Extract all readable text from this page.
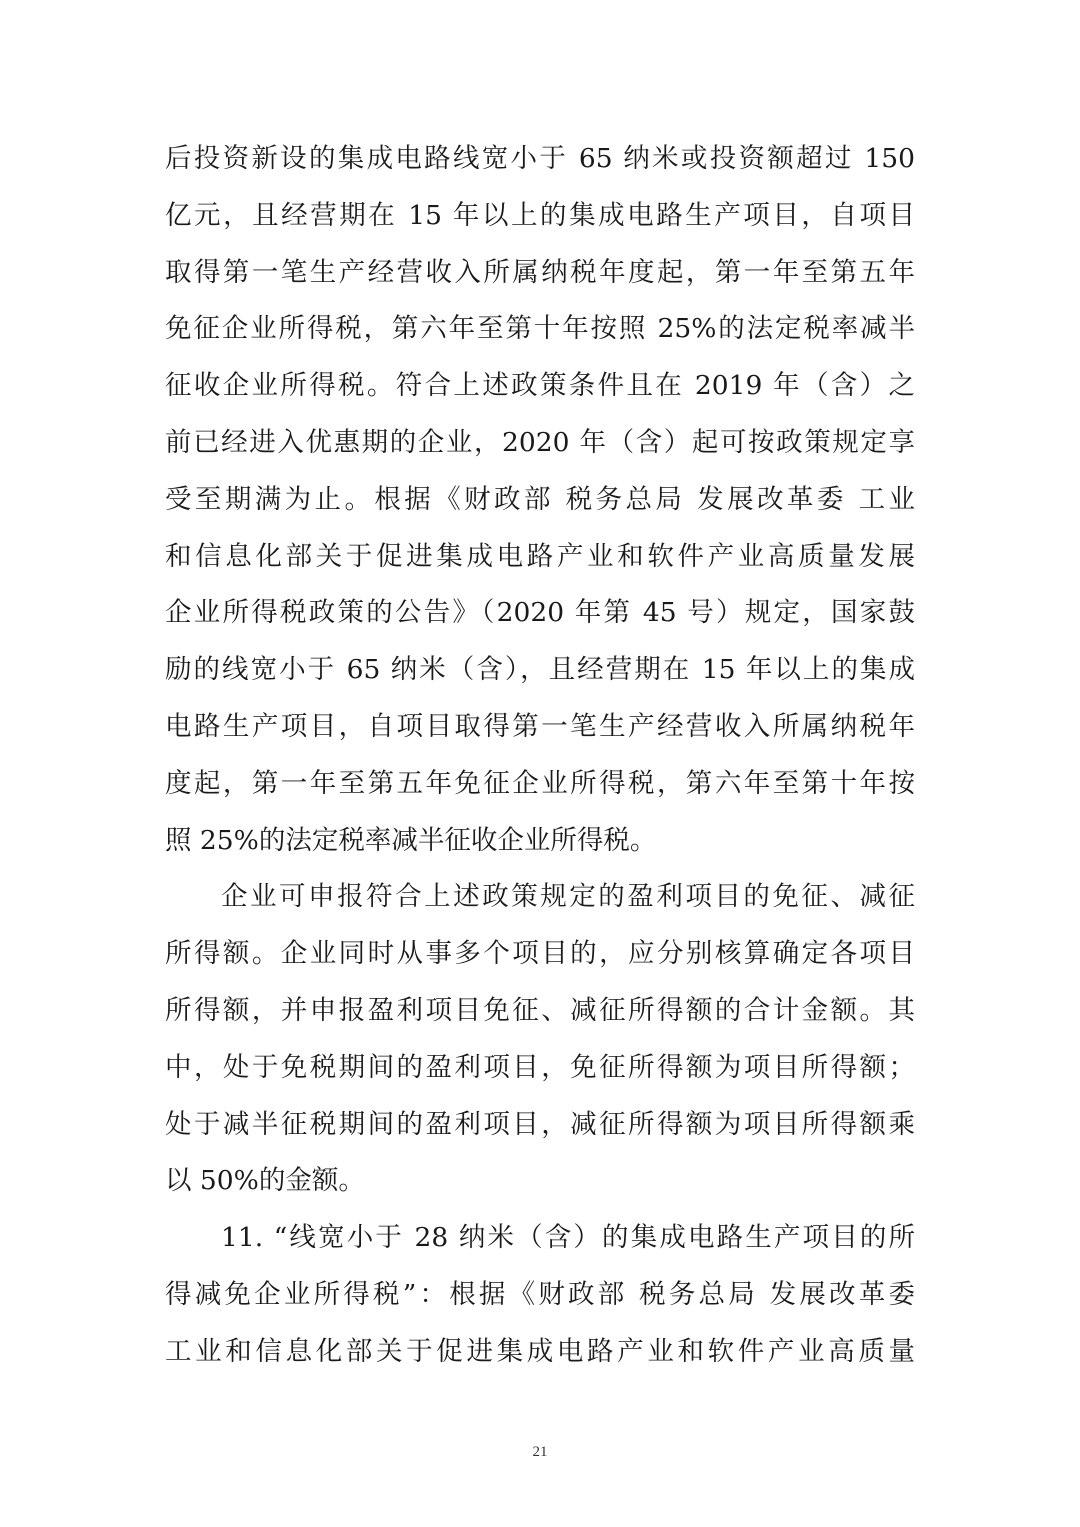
后投资新设的集成电路线宽小于 65 纳米或投资额超过 150
亿元，且经营期在 15 年以上的集成电路生产项目，自项目
取得第一笔生产经营收入所属纳税年度起，第一年至第五年
免征企业所得税，第六年至第十年按照 25%的法定税率减半
征收企业所得税。符合上述政策条件且在 2019 年（含）之
前已经进入优惠期的企业，2020 年（含）起可按政策规定享
受至期满为止。根据《财政部 税务总局 发展改革委 工业
和信息化部关于促进集成电路产业和软件产业高质量发展
企业所得税政策的公告》（2020 年第 45 号）规定，国家鼓
励的线宽小于 65 纳米（含），且经营期在 15 年以上的集成
电路生产项目，自项目取得第一笔生产经营收入所属纳税年
度起，第一年至第五年免征企业所得税，第六年至第十年按
照 25%的法定税率减半征收企业所得税。
企业可申报符合上述政策规定的盈利项目的免征、减征
所得额。企业同时从事多个项目的，应分别核算确定各项目
所得额，并申报盈利项目免征、减征所得额的合计金额。其
中，处于免税期间的盈利项目，免征所得额为项目所得额；
处于减半征税期间的盈利项目，减征所得额为项目所得额乘
以 50%的金额。
11. “线宽小于 28 纳米（含）的集成电路生产项目的所
得减免企业所得税”：根据《财政部 税务总局 发展改革委
工业和信息化部关于促进集成电路产业和软件产业高质量
21
